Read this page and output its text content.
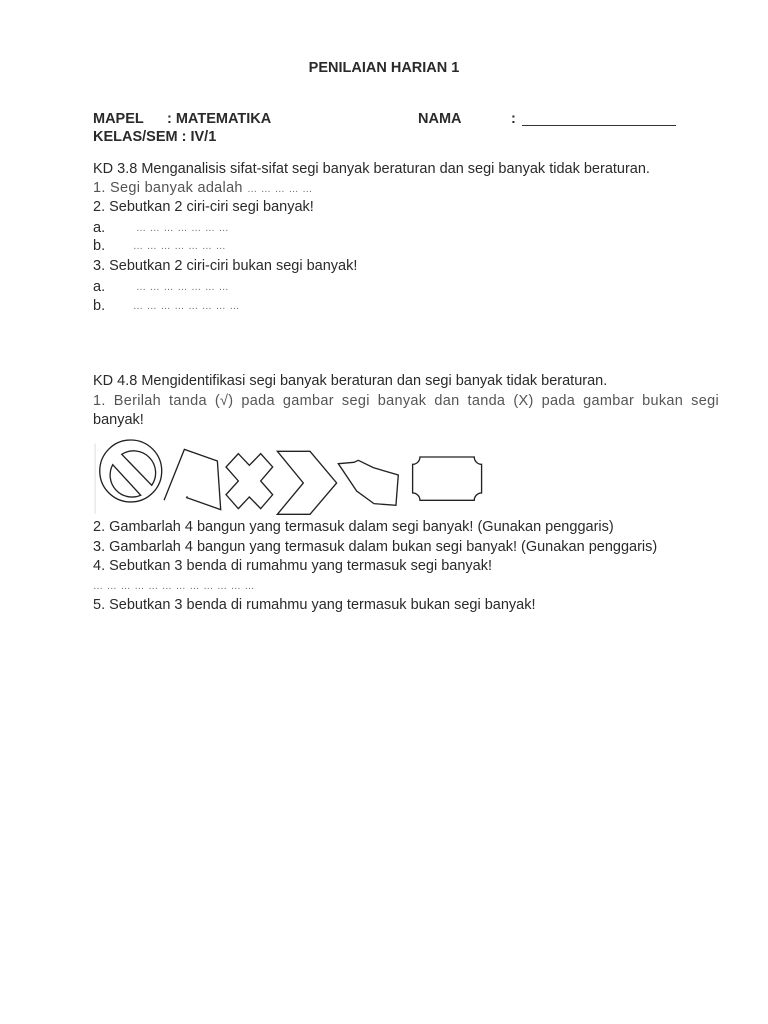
PENILAIAN HARIAN 1
MAPEL : MATEMATIKA	NAMA	:
KELAS/SEM : IV/1
KD 3.8 Menganalisis sifat-sifat segi banyak beraturan dan segi banyak tidak beraturan.
1. Segi banyak adalah … … … … …
2. Sebutkan 2 ciri-ciri segi banyak!
a.	… … … … … … …
b.	… … … … … … …
3. Sebutkan 2 ciri-ciri bukan segi banyak!
a.	… … … … … … …
b.	… … … … … … … …
KD 4.8 Mengidentifikasi segi banyak beraturan dan segi banyak tidak beraturan.
1. Berilah tanda (√) pada gambar segi banyak dan tanda (X) pada gambar bukan segi
banyak!
2. Gambarlah 4 bangun yang termasuk dalam segi banyak! (Gunakan penggaris)
3. Gambarlah 4 bangun yang termasuk dalam bukan segi banyak! (Gunakan penggaris)
4. Sebutkan 3 benda di rumahmu yang termasuk segi banyak!
… … … … … … … … … … … …
5. Sebutkan 3 benda di rumahmu yang termasuk bukan segi banyak!
